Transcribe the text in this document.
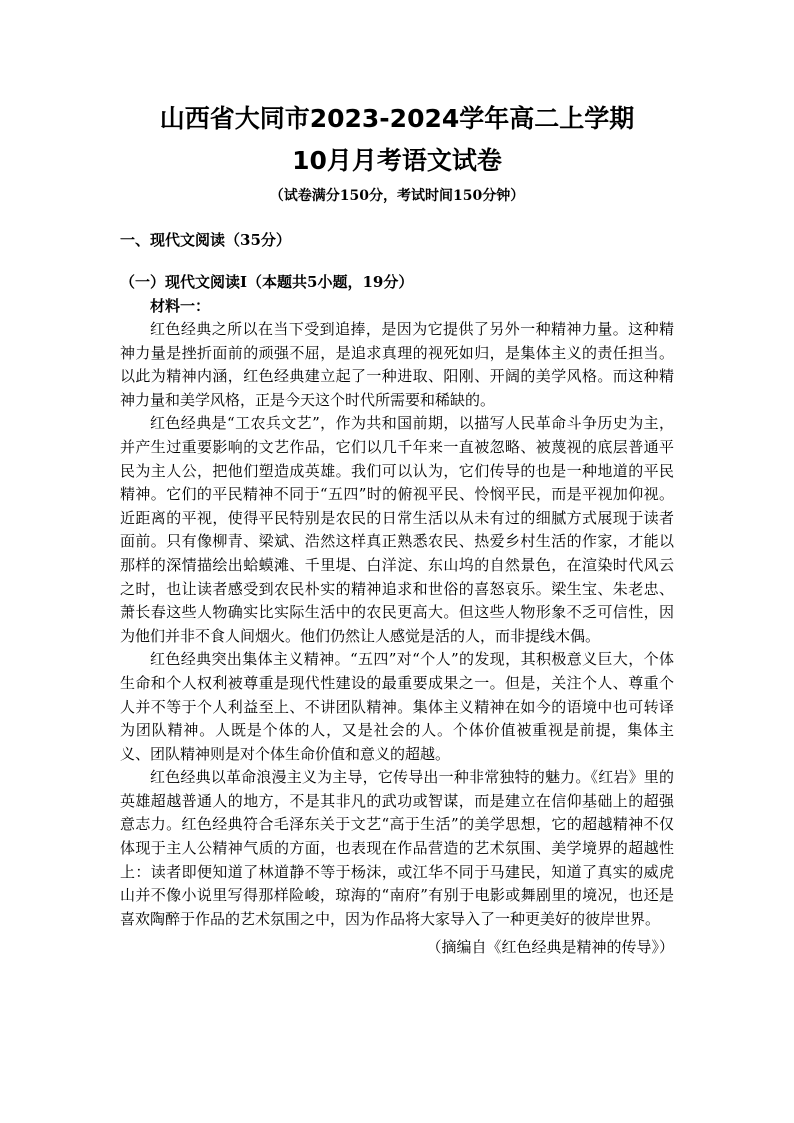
山西省大同市2023-2024学年高二上学期
10月月考语文试卷

（试卷满分150分，考试时间150分钟）

一、现代文阅读（35分）

（一）现代文阅读Ⅰ（本题共5小题，19分）

材料一：

红色经典之所以在当下受到追捧，是因为它提供了另外一种精神力量。这种精神力量是挫折面前的顽强不屈，是追求真理的视死如归，是集体主义的责任担当。以此为精神内涵，红色经典建立起了一种进取、阳刚、开阔的美学风格。而这种精神力量和美学风格，正是今天这个时代所需要和稀缺的。

红色经典是“工农兵文艺”，作为共和国前期，以描写人民革命斗争历史为主，并产生过重要影响的文艺作品，它们以几千年来一直被忽略、被蔑视的底层普通平民为主人公，把他们塑造成英雄。我们可以认为，它们传导的也是一种地道的平民精神。它们的平民精神不同于“五四”时的俯视平民、怜悯平民，而是平视加仰视。近距离的平视，使得平民特别是农民的日常生活以从未有过的细腻方式展现于读者面前。只有像柳青、梁斌、浩然这样真正熟悉农民、热爱乡村生活的作家，才能以那样的深情描绘出蛤蟆滩、千里堤、白洋淀、东山坞的自然景色，在渲染时代风云之时，也让读者感受到农民朴实的精神追求和世俗的喜怒哀乐。梁生宝、朱老忠、萧长春这些人物确实比实际生活中的农民更高大。但这些人物形象不乏可信性，因为他们并非不食人间烟火。他们仍然让人感觉是活的人，而非提线木偶。

红色经典突出集体主义精神。“五四”对“个人”的发现，其积极意义巨大，个体生命和个人权利被尊重是现代性建设的最重要成果之一。但是，关注个人、尊重个人并不等于个人利益至上、不讲团队精神。集体主义精神在如今的语境中也可转译为团队精神。人既是个体的人，又是社会的人。个体价值被重视是前提，集体主义、团队精神则是对个体生命价值和意义的超越。

红色经典以革命浪漫主义为主导，它传导出一种非常独特的魅力。《红岩》里的英雄超越普通人的地方，不是其非凡的武功或智谋，而是建立在信仰基础上的超强意志力。红色经典符合毛泽东关于文艺“高于生活”的美学思想，它的超越精神不仅体现于主人公精神气质的方面，也表现在作品营造的艺术氛围、美学境界的超越性上：读者即便知道了林道静不等于杨沫，或江华不同于马建民，知道了真实的威虎山并不像小说里写得那样险峻，琼海的“南府”有别于电影或舞剧里的境况，也还是喜欢陶醉于作品的艺术氛围之中，因为作品将大家导入了一种更美好的彼岸世界。

（摘编自《红色经典是精神的传导》）
